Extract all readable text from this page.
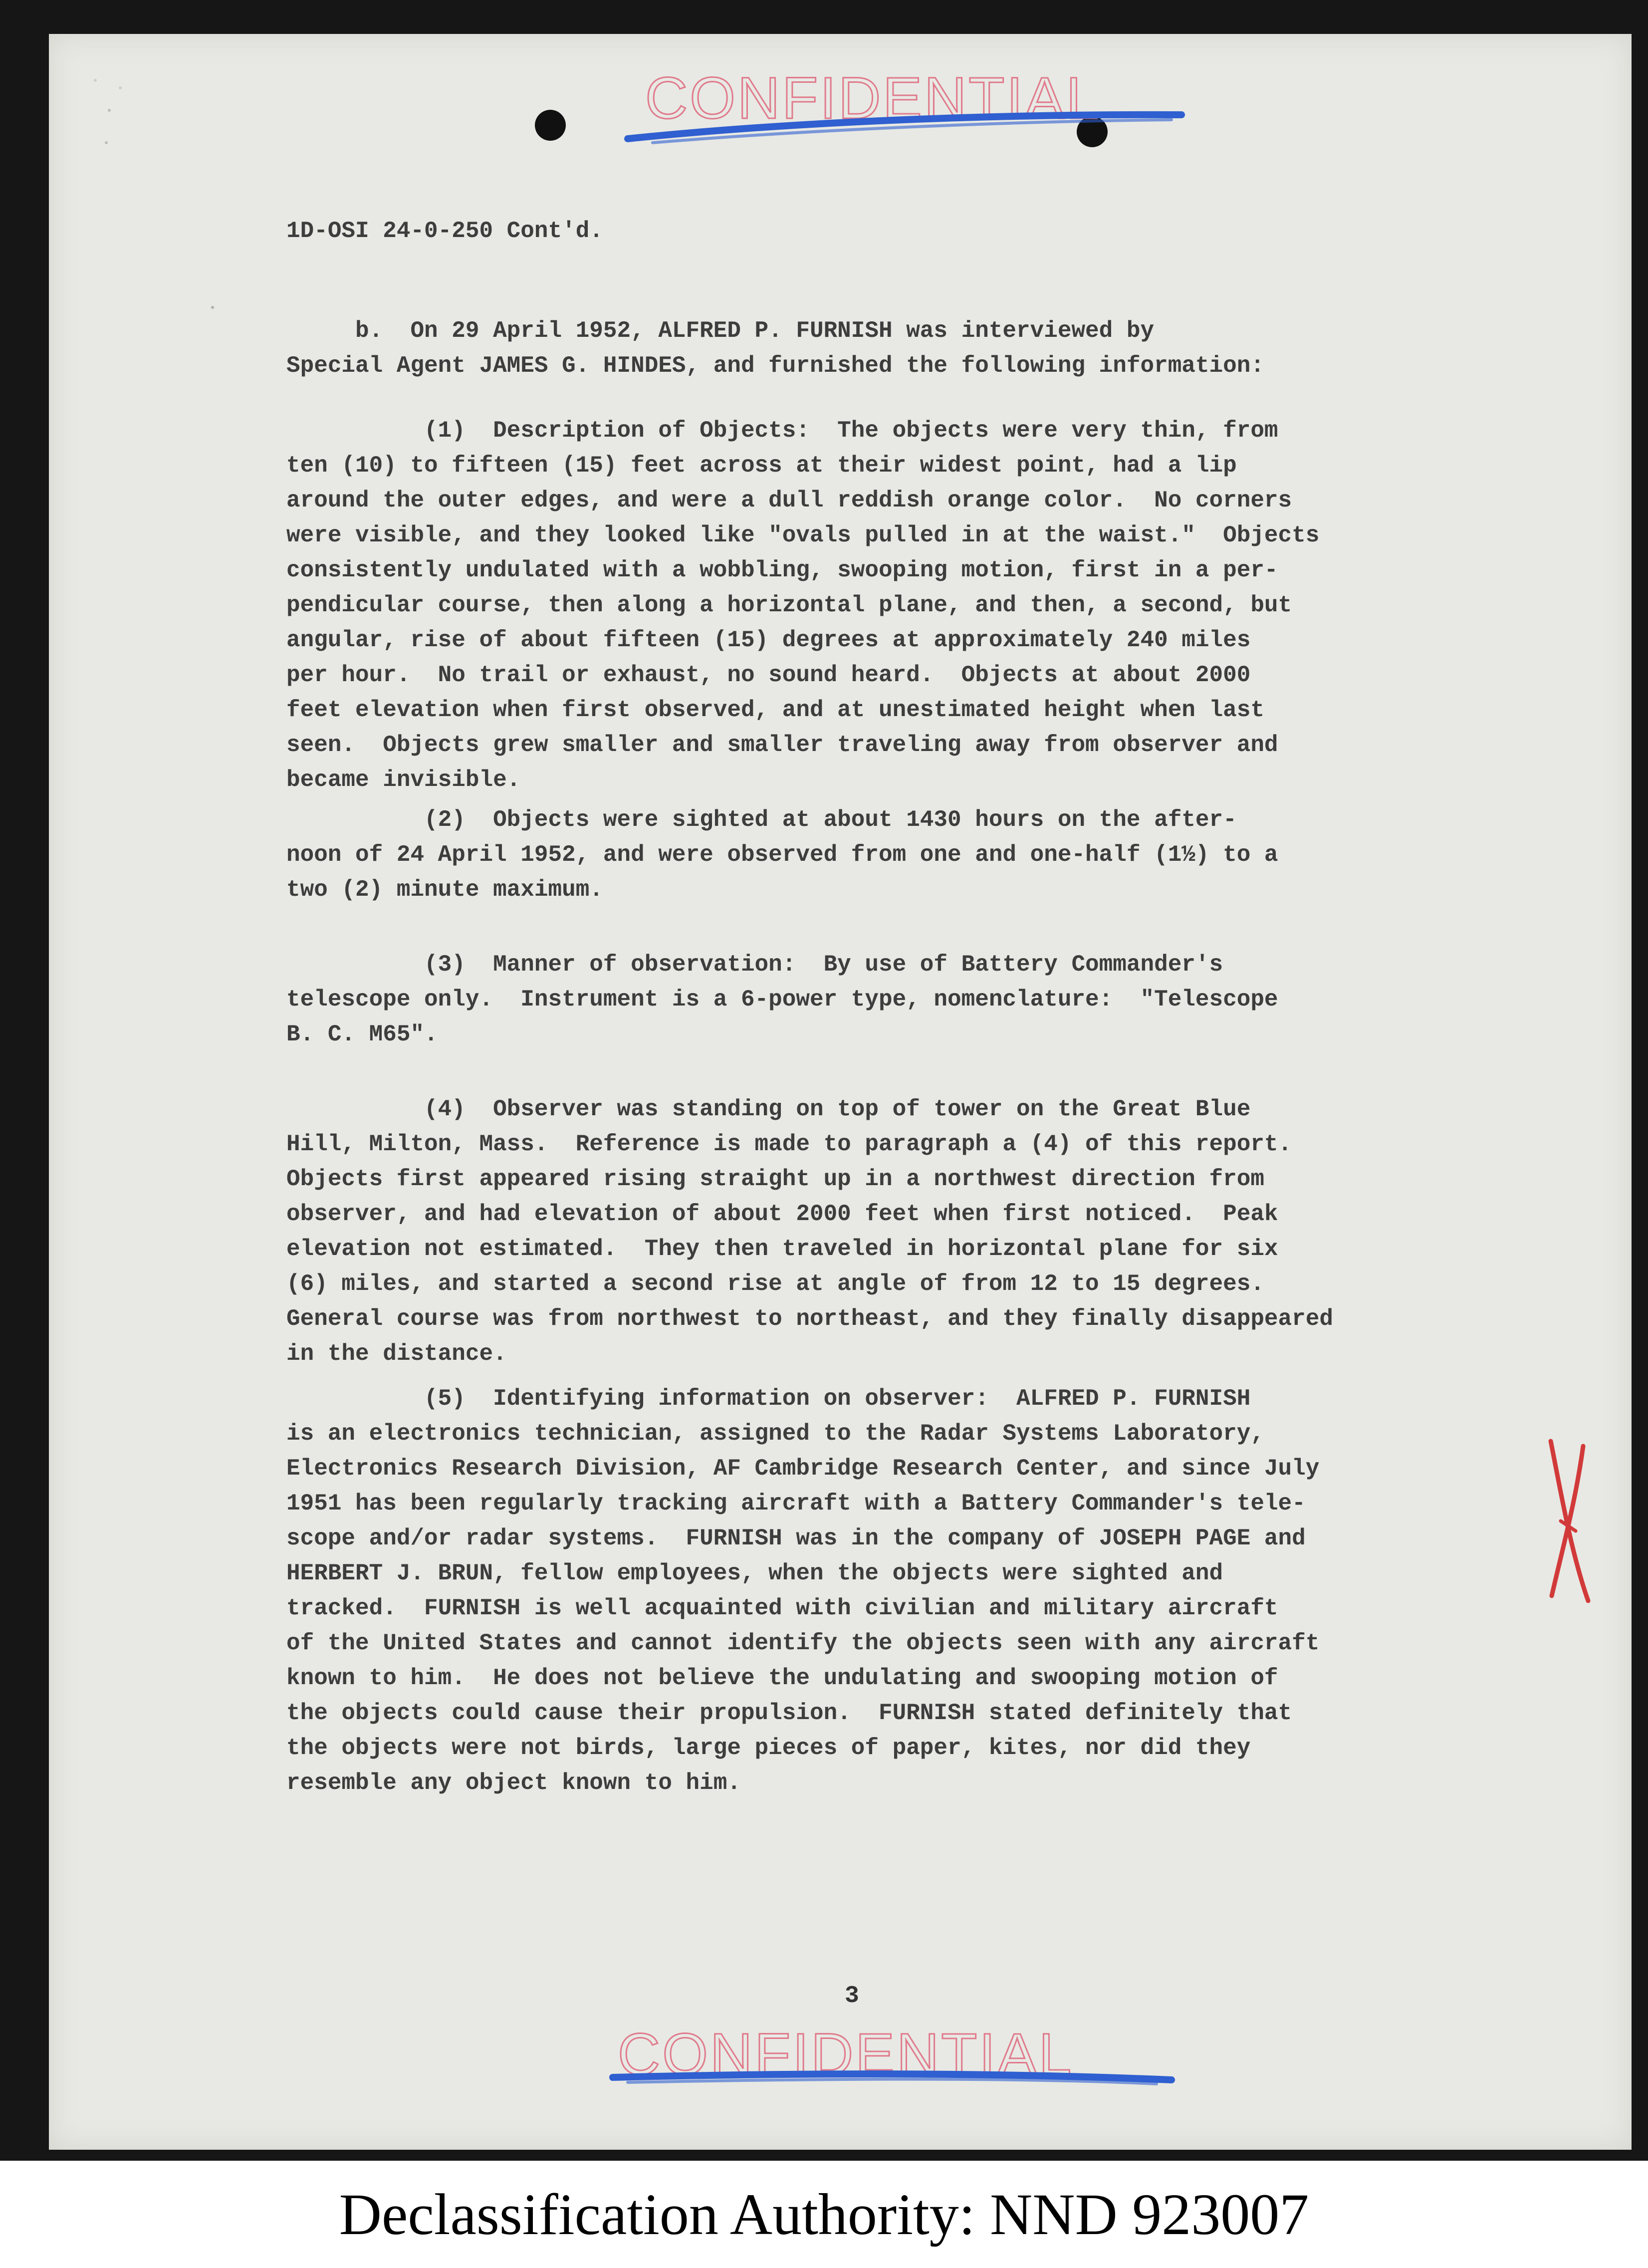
CONFIDENTIAL
1D-OSI 24-0-250 Cont'd.
b.  On 29 April 1952, ALFRED P. FURNISH was interviewed by
Special Agent JAMES G. HINDES, and furnished the following information:
(1)  Description of Objects:  The objects were very thin, from
ten (10) to fifteen (15) feet across at their widest point, had a lip
around the outer edges, and were a dull reddish orange color.  No corners
were visible, and they looked like "ovals pulled in at the waist."  Objects
consistently undulated with a wobbling, swooping motion, first in a per-
pendicular course, then along a horizontal plane, and then, a second, but
angular, rise of about fifteen (15) degrees at approximately 240 miles
per hour.  No trail or exhaust, no sound heard.  Objects at about 2000
feet elevation when first observed, and at unestimated height when last
seen.  Objects grew smaller and smaller traveling away from observer and
became invisible.
(2)  Objects were sighted at about 1430 hours on the after-
noon of 24 April 1952, and were observed from one and one-half (1½) to a
two (2) minute maximum.
(3)  Manner of observation:  By use of Battery Commander's
telescope only.  Instrument is a 6-power type, nomenclature:  "Telescope
B. C. M65".
(4)  Observer was standing on top of tower on the Great Blue
Hill, Milton, Mass.  Reference is made to paragraph a (4) of this report.
Objects first appeared rising straight up in a northwest direction from
observer, and had elevation of about 2000 feet when first noticed.  Peak
elevation not estimated.  They then traveled in horizontal plane for six
(6) miles, and started a second rise at angle of from 12 to 15 degrees.
General course was from northwest to northeast, and they finally disappeared
in the distance.
(5)  Identifying information on observer:  ALFRED P. FURNISH
is an electronics technician, assigned to the Radar Systems Laboratory,
Electronics Research Division, AF Cambridge Research Center, and since July
1951 has been regularly tracking aircraft with a Battery Commander's tele-
scope and/or radar systems.  FURNISH was in the company of JOSEPH PAGE and
HERBERT J. BRUN, fellow employees, when the objects were sighted and
tracked.  FURNISH is well acquainted with civilian and military aircraft
of the United States and cannot identify the objects seen with any aircraft
known to him.  He does not believe the undulating and swooping motion of
the objects could cause their propulsion.  FURNISH stated definitely that
the objects were not birds, large pieces of paper, kites, nor did they
resemble any object known to him.
3
CONFIDENTIAL
Declassification Authority: NND 923007
